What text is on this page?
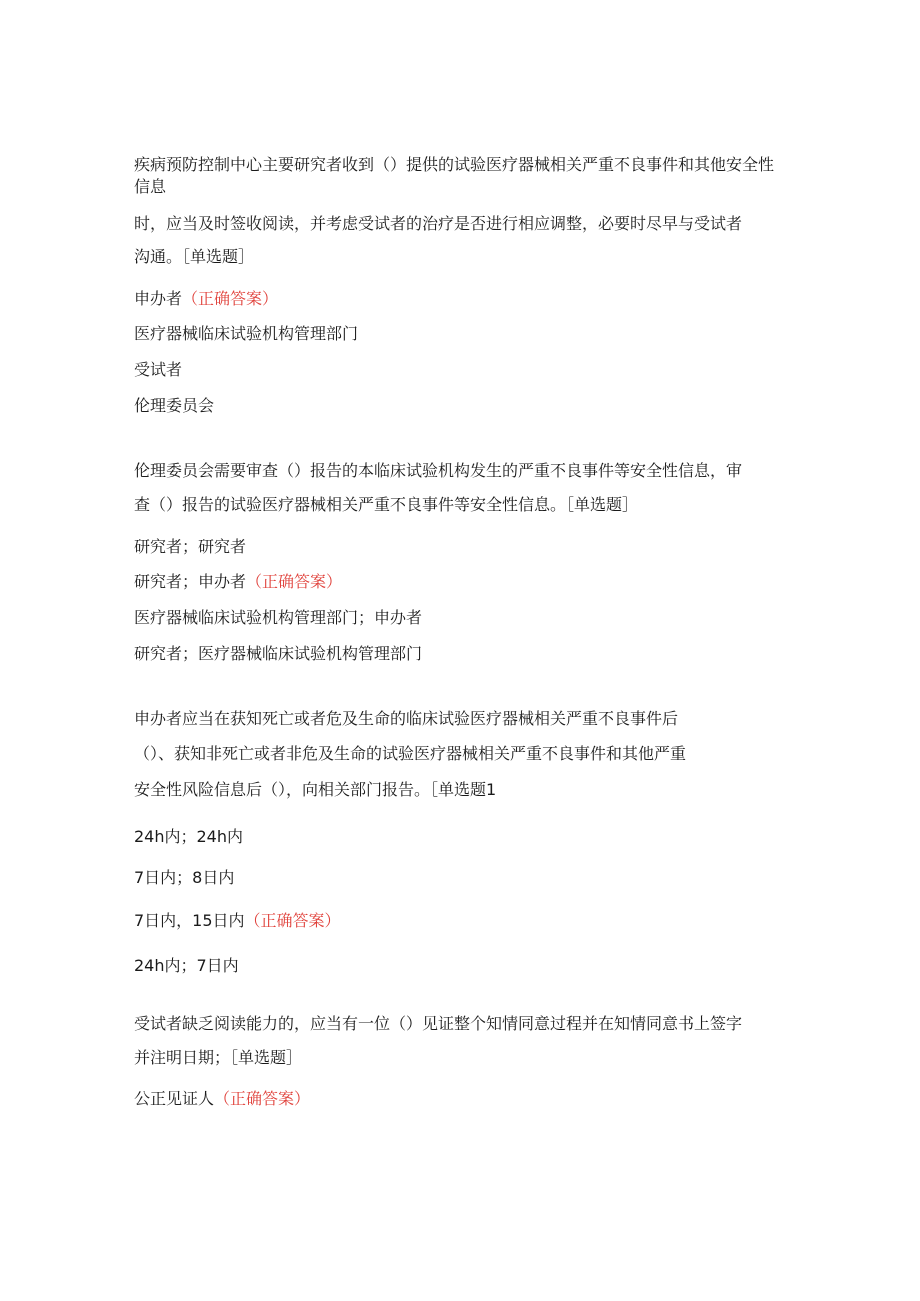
疾病预防控制中心主要研究者收到（）提供的试验医疗器械相关严重不良事件和其他安全性信息
时，应当及时签收阅读，并考虑受试者的治疗是否进行相应调整，必要时尽早与受试者
沟通。［单选题］
申办者（正确答案）
医疗器械临床试验机构管理部门
受试者
伦理委员会
伦理委员会需要审查（）报告的本临床试验机构发生的严重不良事件等安全性信息，审
查（）报告的试验医疗器械相关严重不良事件等安全性信息。［单选题］
研究者；研究者
研究者；申办者（正确答案）
医疗器械临床试验机构管理部门；申办者
研究者；医疗器械临床试验机构管理部门
申办者应当在获知死亡或者危及生命的临床试验医疗器械相关严重不良事件后
（）、获知非死亡或者非危及生命的试验医疗器械相关严重不良事件和其他严重
安全性风险信息后（），向相关部门报告。［单选题1
24h内；24h内
7日内；8日内
7日内，15日内（正确答案）
24h内；7日内
受试者缺乏阅读能力的，应当有一位（）见证整个知情同意过程并在知情同意书上签字
并注明日期；［单选题］
公正见证人（正确答案）
